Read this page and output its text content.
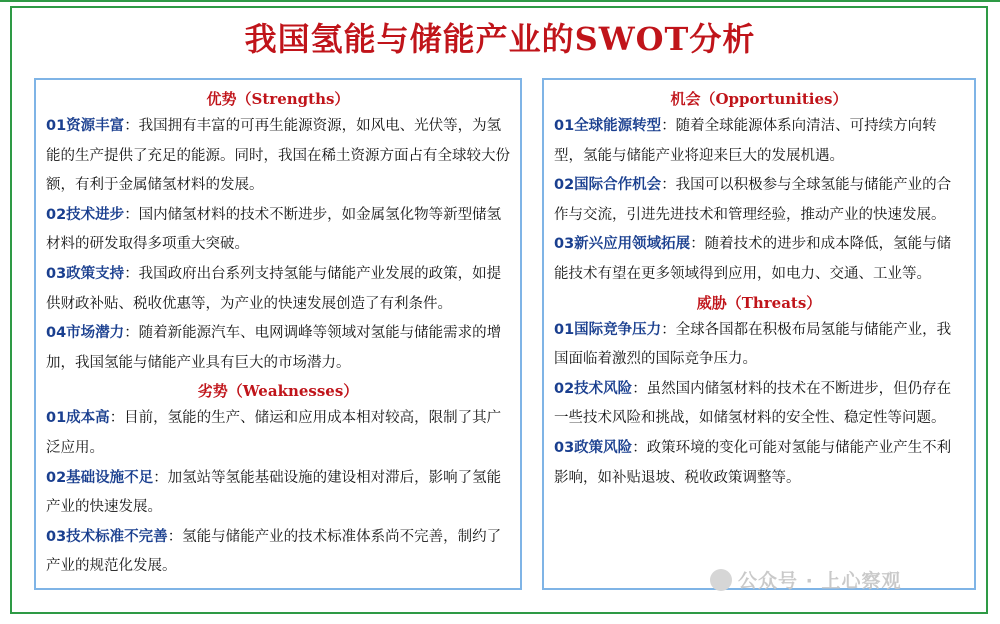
我国氢能与储能产业的SWOT分析
优势（Strengths）

01资源丰富：我国拥有丰富的可再生能源资源，如风电、光伏等，为氢能的生产提供了充足的能源。同时，我国在稀土资源方面占有全球较大份额，有利于金属储氢材料的发展。

02技术进步：国内储氢材料的技术不断进步，如金属氢化物等新型储氢材料的研发取得多项重大突破。

03政策支持：我国政府出台系列支持氢能与储能产业发展的政策，如提供财政补贴、税收优惠等，为产业的快速发展创造了有利条件。

04市场潜力：随着新能源汽车、电网调峰等领域对氢能与储能需求的增加，我国氢能与储能产业具有巨大的市场潜力。

劣势（Weaknesses）

01成本高：目前，氢能的生产、储运和应用成本相对较高，限制了其广泛应用。

02基础设施不足：加氢站等氢能基础设施的建设相对滞后，影响了氢能产业的快速发展。

03技术标准不完善：氢能与储能产业的技术标准体系尚不完善，制约了产业的规范化发展。

机会（Opportunities）

01全球能源转型：随着全球能源体系向清洁、可持续方向转型，氢能与储能产业将迎来巨大的发展机遇。

02国际合作机会：我国可以积极参与全球氢能与储能产业的合作与交流，引进先进技术和管理经验，推动产业的快速发展。

03新兴应用领域拓展：随着技术的进步和成本降低，氢能与储能技术有望在更多领域得到应用，如电力、交通、工业等。

威胁（Threats）

01国际竞争压力：全球各国都在积极布局氢能与储能产业，我国面临着激烈的国际竞争压力。

02技术风险：虽然国内储氢材料的技术在不断进步，但仍存在一些技术风险和挑战，如储氢材料的安全性、稳定性等问题。

03政策风险：政策环境的变化可能对氢能与储能产业产生不利影响，如补贴退坡、税收政策调整等。

公众号 · 上心察观
